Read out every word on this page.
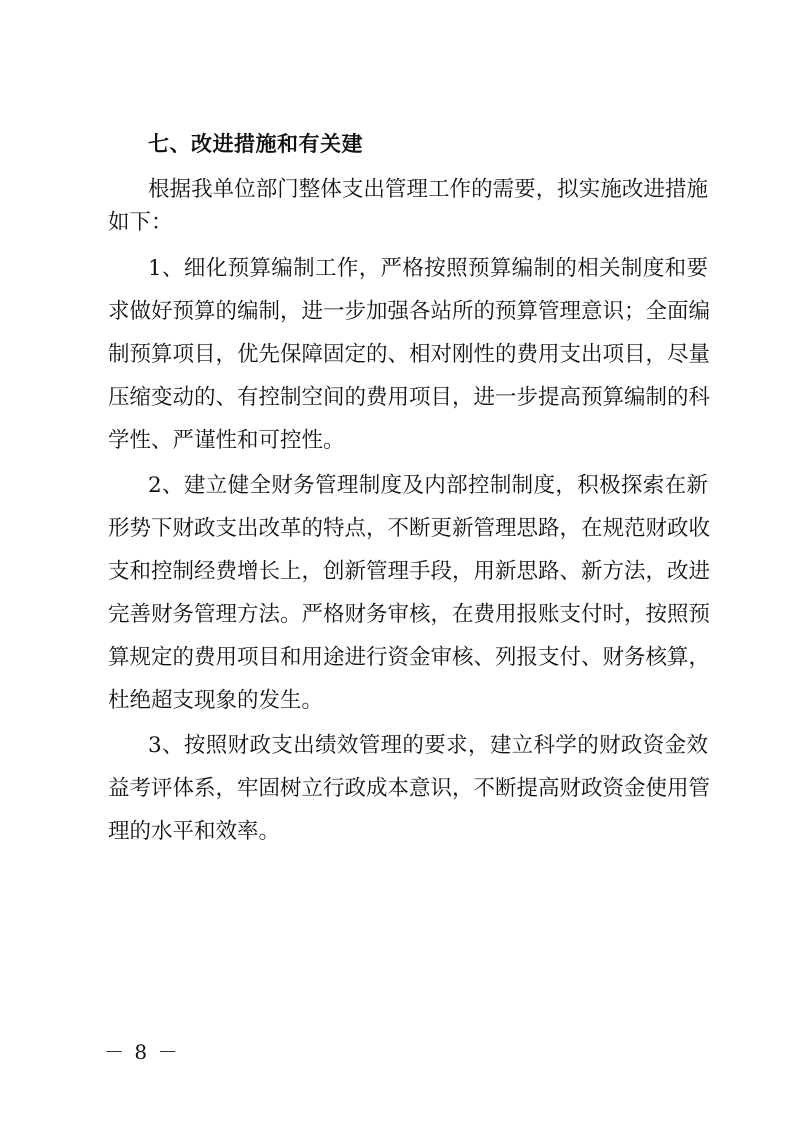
七、改进措施和有关建
根据我单位部门整体支出管理工作的需要，拟实施改进措施
如下：
1、细化预算编制工作，严格按照预算编制的相关制度和要
求做好预算的编制，进一步加强各站所的预算管理意识；全面编
制预算项目，优先保障固定的、相对刚性的费用支出项目，尽量
压缩变动的、有控制空间的费用项目，进一步提高预算编制的科
学性、严谨性和可控性。
2、建立健全财务管理制度及内部控制制度，积极探索在新
形势下财政支出改革的特点，不断更新管理思路，在规范财政收
支和控制经费增长上，创新管理手段，用新思路、新方法，改进
完善财务管理方法。严格财务审核，在费用报账支付时，按照预
算规定的费用项目和用途进行资金审核、列报支付、财务核算，
杜绝超支现象的发生。
3、按照财政支出绩效管理的要求，建立科学的财政资金效
益考评体系，牢固树立行政成本意识，不断提高财政资金使用管
理的水平和效率。
－ 8 －
